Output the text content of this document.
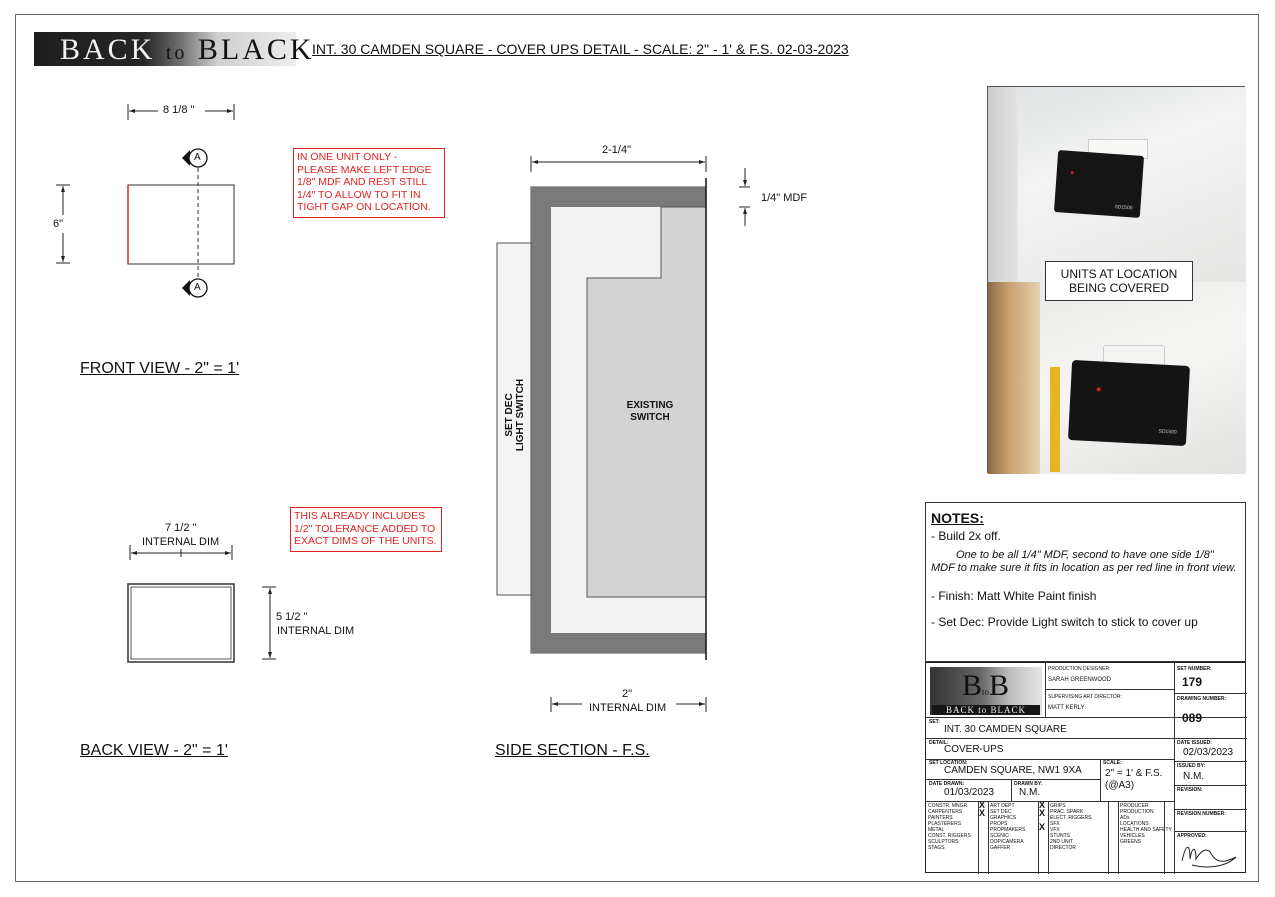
BACK to BLACK
INT. 30 CAMDEN SQUARE - COVER UPS DETAIL - SCALE: 2" - 1' & F.S. 02-03-2023
8 1/8 "
A
A
6"
IN ONE UNIT ONLY - PLEASE MAKE LEFT EDGE 1/8" MDF AND REST STILL 1/4" TO ALLOW TO FIT IN TIGHT GAP ON LOCATION.
FRONT VIEW - 2" = 1'
7 1/2 "
INTERNAL DIM
5 1/2 "
INTERNAL DIM
THIS ALREADY INCLUDES 1/2" TOLERANCE ADDED TO EXACT DIMS OF THE UNITS.
BACK VIEW - 2" = 1'
2-1/4"
1/4" MDF
2"
INTERNAL DIM
SET DEC LIGHT SWITCH	EXISTING
SWITCH
SIDE SECTION - F.S.
SD1500
SD1500
UNITS AT LOCATION
BEING COVERED
NOTES:
- Build 2x off.
One to be all 1/4" MDF, second to have one side 1/8" MDF to make sure it fits in location as per red line in front view.
- Finish: Matt White Paint finish
- Set Dec: Provide Light switch to stick to cover up
BtoB
BACK to BLACK
PRODUCTION DESIGNER:
SARAH GREENWOOD
SUPERVISING ART DIRECTOR:
MATT KERLY
SET NUMBER:
179
DRAWING NUMBER:
089
SET:
INT. 30 CAMDEN SQUARE
DETAIL:
COVER-UPS
DATE ISSUED:
02/03/2023
SET LOCATION:
CAMDEN SQUARE, NW1 9XA
SCALE:
2" = 1' & F.S.
(@A3)
ISSUED BY:
N.M.
DATE DRAWN:
01/03/2023
DRAWN BY:
N.M.	REVISION:
REVISION NUMBER:
APPROVED:
CONSTR. MNGR.
CARPENTERS
PAINTERS
PLASTERERS
METAL
CONST. RIGGERS
SCULPTORS
STAGS
ART DEPT
SET DEC
GRAPHICS
PROPS
PROPMAKERS
SCENIC
DOP/CAMERA
GAFFER
GRIPS
PRAC. SPARK
ELECT. RIGGERS
SFX
VFX
STUNTS
2ND UNIT
DIRECTOR
PRODUCER
PRODUCTION
ADs
LOCATIONS
HEALTH AND SAFETY
VEHICLES
GREENS
X
X
X
X
X
